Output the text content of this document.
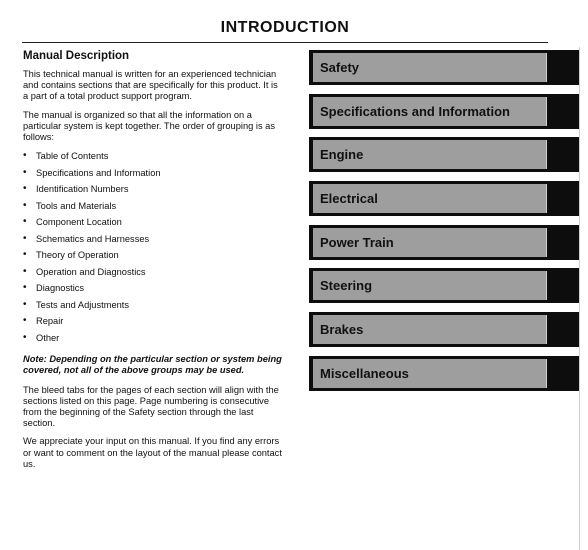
INTRODUCTION
Manual Description

This technical manual is written for an experienced technician and contains sections that are specifically for this product. It is a part of a total product support program.

The manual is organized so that all the information on a particular system is kept together. The order of grouping is as follows:

• Table of Contents
• Specifications and Information
• Identification Numbers
• Tools and Materials
• Component Location
• Schematics and Harnesses
• Theory of Operation
• Operation and Diagnostics
• Diagnostics
• Tests and Adjustments
• Repair
• Other

Note: Depending on the particular section or system being covered, not all of the above groups may be used.

The bleed tabs for the pages of each section will align with the sections listed on this page. Page numbering is consecutive from the beginning of the Safety section through the last section.

We appreciate your input on this manual. If you find any errors or want to comment on the layout of the manual please contact us.

Safety
Specifications and Information
Engine
Electrical
Power Train
Steering
Brakes
Miscellaneous
